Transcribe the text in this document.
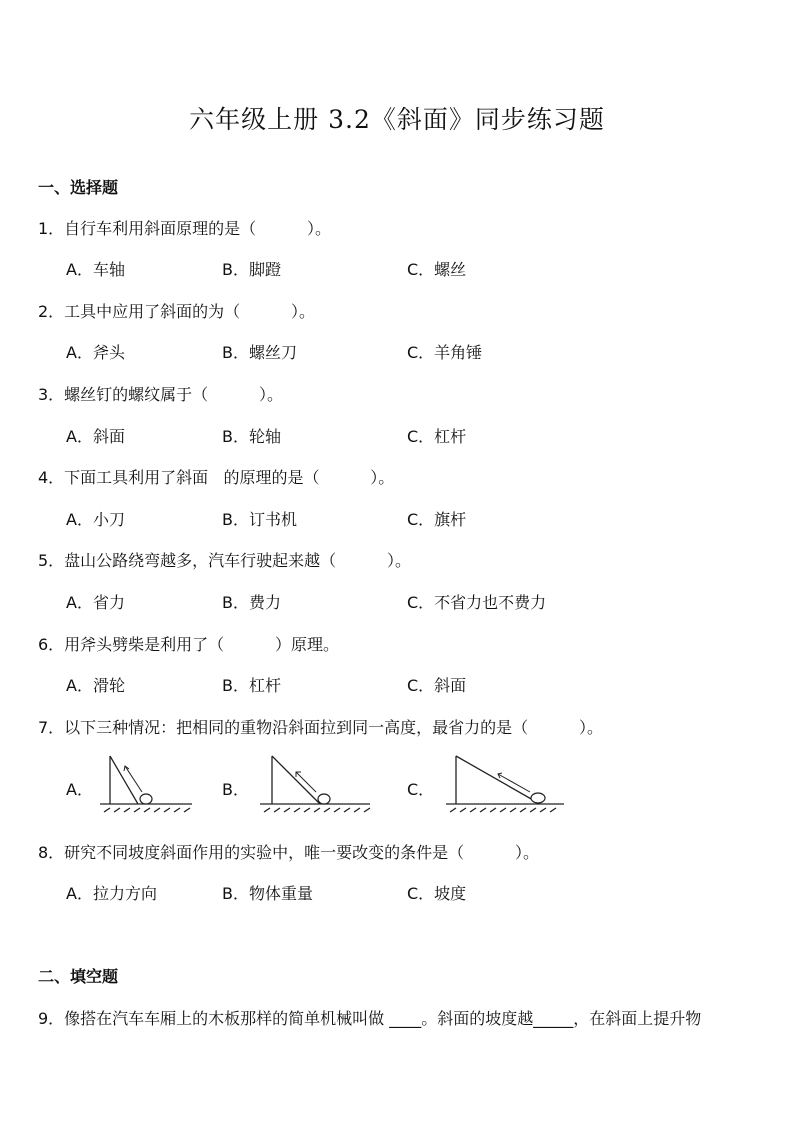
六年级上册 3.2《斜面》同步练习题
一、选择题
1．自行车利用斜面原理的是（          ）。
A．车轴	B．脚蹬	C．螺丝
2．工具中应用了斜面的为（          ）。
A．斧头	B．螺丝刀	C．羊角锤
3．螺丝钉的螺纹属于（          ）。
A．斜面	B．轮轴	C．杠杆
4．下面工具利用了斜面   的原理的是（          ）。
A．小刀	B．订书机	C．旗杆
5．盘山公路绕弯越多，汽车行驶起来越（          ）。
A．省力	B．费力	C．不省力也不费力
6．用斧头劈柴是利用了（          ）原理。
A．滑轮	B．杠杆	C．斜面
7．以下三种情况：把相同的重物沿斜面拉到同一高度，最省力的是（          ）。
A．	B．	C．
8．研究不同坡度斜面作用的实验中，唯一要改变的条件是（          ）。
A．拉力方向	B．物体重量	C．坡度
二、填空题
9．像搭在汽车车厢上的木板那样的简单机械叫做 ____。斜面的坡度越_____，在斜面上提升物
